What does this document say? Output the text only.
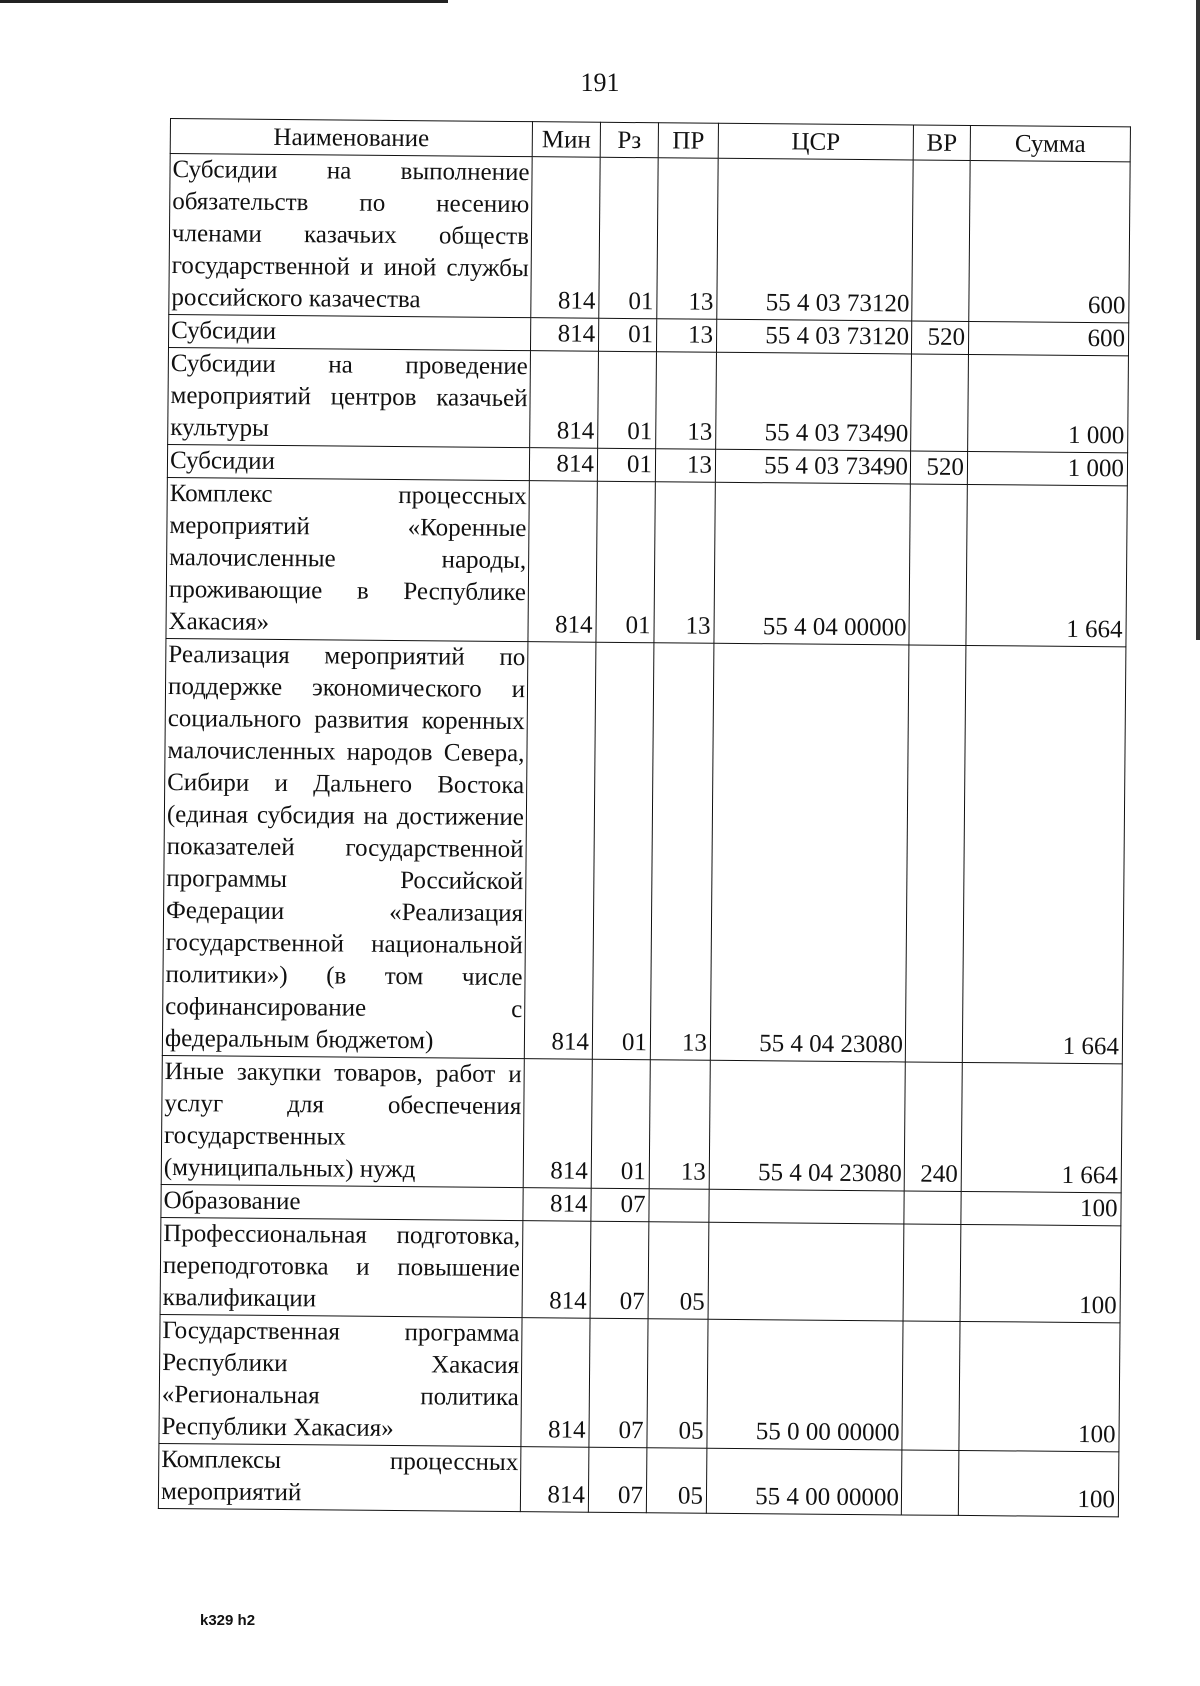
191
Наименование	Мин	Рз	ПР	ЦСР	ВР	Сумма
Субсидии на выполнение обязательств по несению членами казачьих обществ государственной и иной службы российского казачества	814	01	13	55 4 03 73120		600
Субсидии	814	01	13	55 4 03 73120	520	600
Субсидии на проведение мероприятий центров казачьей культуры	814	01	13	55 4 03 73490		1 000
Субсидии	814	01	13	55 4 03 73490	520	1 000
Комплекс процессных мероприятий «Коренные малочисленные народы, проживающие в Республике Хакасия»	814	01	13	55 4 04 00000		1 664
Реализация мероприятий по поддержке экономического и социального развития коренных малочисленных народов Севера, Сибири и Дальнего Востока (единая субсидия на достижение показателей государственной программы Российской Федерации «Реализация государственной национальной политики») (в том числе софинансирование с федеральным бюджетом)	814	01	13	55 4 04 23080		1 664
Иные закупки товаров, работ и услуг для обеспечения государственных (муниципальных) нужд	814	01	13	55 4 04 23080	240	1 664
Образование	814	07				100
Профессиональная подготовка, переподготовка и повышение квалификации	814	07	05			100
Государственная программа Республики Хакасия «Региональная политика Республики Хакасия»	814	07	05	55 0 00 00000		100
Комплексы процессных мероприятий	814	07	05	55 4 00 00000		100
k329 h2
